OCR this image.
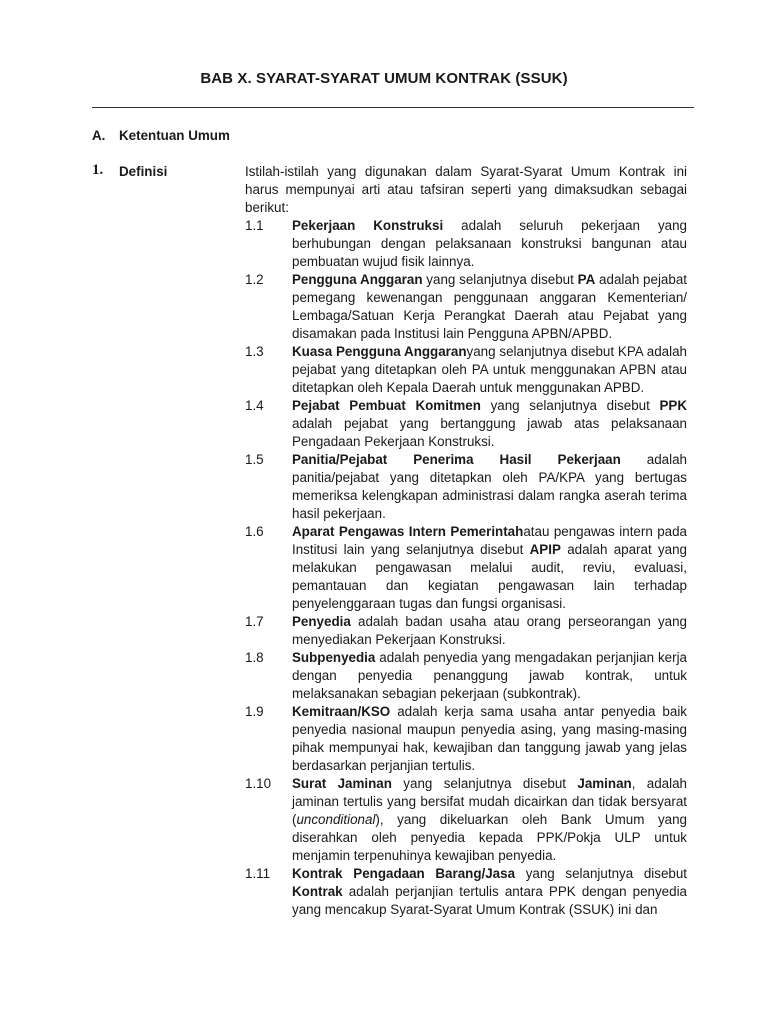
BAB X. SYARAT-SYARAT UMUM KONTRAK (SSUK)
A. Ketentuan Umum
1. Definisi	Istilah-istilah yang digunakan dalam Syarat-Syarat Umum Kontrak ini harus mempunyai arti atau tafsiran seperti yang dimaksudkan sebagai berikut:
1.1	Pekerjaan Konstruksi adalah seluruh pekerjaan yang berhubungan dengan pelaksanaan konstruksi bangunan atau pembuatan wujud fisik lainnya.
1.2	Pengguna Anggaran yang selanjutnya disebut PA adalah pejabat pemegang kewenangan penggunaan anggaran Kementerian/ Lembaga/Satuan Kerja Perangkat Daerah atau Pejabat yang disamakan pada Institusi lain Pengguna APBN/APBD.
1.3	Kuasa Pengguna Anggaranyang selanjutnya disebut KPA adalah pejabat yang ditetapkan oleh PA untuk menggunakan APBN atau ditetapkan oleh Kepala Daerah untuk menggunakan APBD.
1.4	Pejabat Pembuat Komitmen yang selanjutnya disebut PPK adalah pejabat yang bertanggung jawab atas pelaksanaan Pengadaan Pekerjaan Konstruksi.
1.5	Panitia/Pejabat Penerima Hasil Pekerjaan adalah panitia/pejabat yang ditetapkan oleh PA/KPA yang bertugas memeriksa kelengkapan administrasi dalam rangka aserah terima hasil pekerjaan.
1.6	Aparat Pengawas Intern Pemerintahatau pengawas intern pada Institusi lain yang selanjutnya disebut APIP adalah aparat yang melakukan pengawasan melalui audit, reviu, evaluasi, pemantauan dan kegiatan pengawasan lain terhadap penyelenggaraan tugas dan fungsi organisasi.
1.7	Penyedia adalah badan usaha atau orang perseorangan yang menyediakan Pekerjaan Konstruksi.
1.8	Subpenyedia adalah penyedia yang mengadakan perjanjian kerja dengan penyedia penanggung jawab kontrak, untuk melaksanakan sebagian pekerjaan (subkontrak).
1.9	Kemitraan/KSO adalah kerja sama usaha antar penyedia baik penyedia nasional maupun penyedia asing, yang masing-masing pihak mempunyai hak, kewajiban dan tanggung jawab yang jelas berdasarkan perjanjian tertulis.
1.10	Surat Jaminan yang selanjutnya disebut Jaminan, adalah jaminan tertulis yang bersifat mudah dicairkan dan tidak bersyarat (unconditional), yang dikeluarkan oleh Bank Umum yang diserahkan oleh penyedia kepada PPK/Pokja ULP untuk menjamin terpenuhinya kewajiban penyedia.
1.11	Kontrak Pengadaan Barang/Jasa yang selanjutnya disebut Kontrak adalah perjanjian tertulis antara PPK dengan penyedia yang mencakup Syarat-Syarat Umum Kontrak (SSUK) ini dan
